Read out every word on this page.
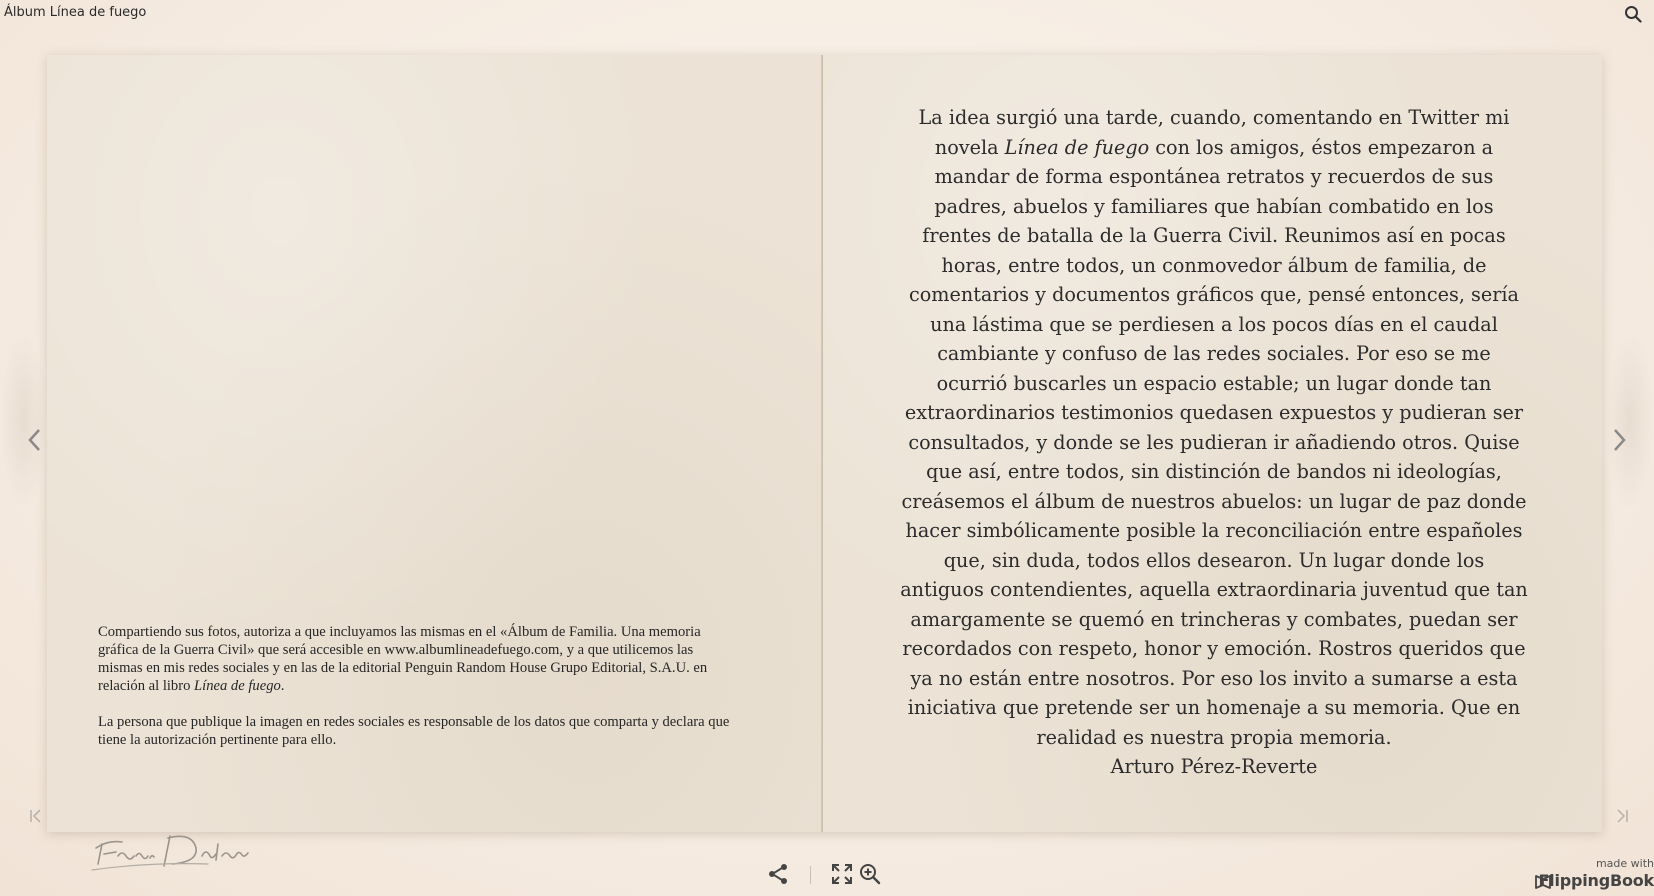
Álbum Línea de fuego

Compartiendo sus fotos, autoriza a que incluyamos las mismas en el «Álbum de Familia. Una memoria gráfica de la Guerra Civil» que será accesible en www.albumlineadefuego.com, y a que utilicemos las mismas en mis redes sociales y en las de la editorial Penguin Random House Grupo Editorial, S.A.U. en relación al libro Línea de fuego.

La persona que publique la imagen en redes sociales es responsable de los datos que comparta y declara que tiene la autorización pertinente para ello.

La idea surgió una tarde, cuando, comentando en Twitter mi novela Línea de fuego con los amigos, éstos empezaron a mandar de forma espontánea retratos y recuerdos de sus padres, abuelos y familiares que habían combatido en los frentes de batalla de la Guerra Civil. Reunimos así en pocas horas, entre todos, un conmovedor álbum de familia, de comentarios y documentos gráficos que, pensé entonces, sería una lástima que se perdiesen a los pocos días en el caudal cambiante y confuso de las redes sociales. Por eso se me ocurrió buscarles un espacio estable; un lugar donde tan extraordinarios testimonios quedasen expuestos y pudieran ser consultados, y donde se les pudieran ir añadiendo otros. Quise que así, entre todos, sin distinción de bandos ni ideologías, creásemos el álbum de nuestros abuelos: un lugar de paz donde hacer simbólicamente posible la reconciliación entre españoles que, sin duda, todos ellos desearon. Un lugar donde los antiguos contendientes, aquella extraordinaria juventud que tan amargamente se quemó en trincheras y combates, puedan ser recordados con respeto, honor y emoción. Rostros queridos que ya no están entre nosotros. Por eso los invito a sumarse a esta iniciativa que pretende ser un homenaje a su memoria. Que en realidad es nuestra propia memoria.
Arturo Pérez-Reverte
made with
FlippingBook
